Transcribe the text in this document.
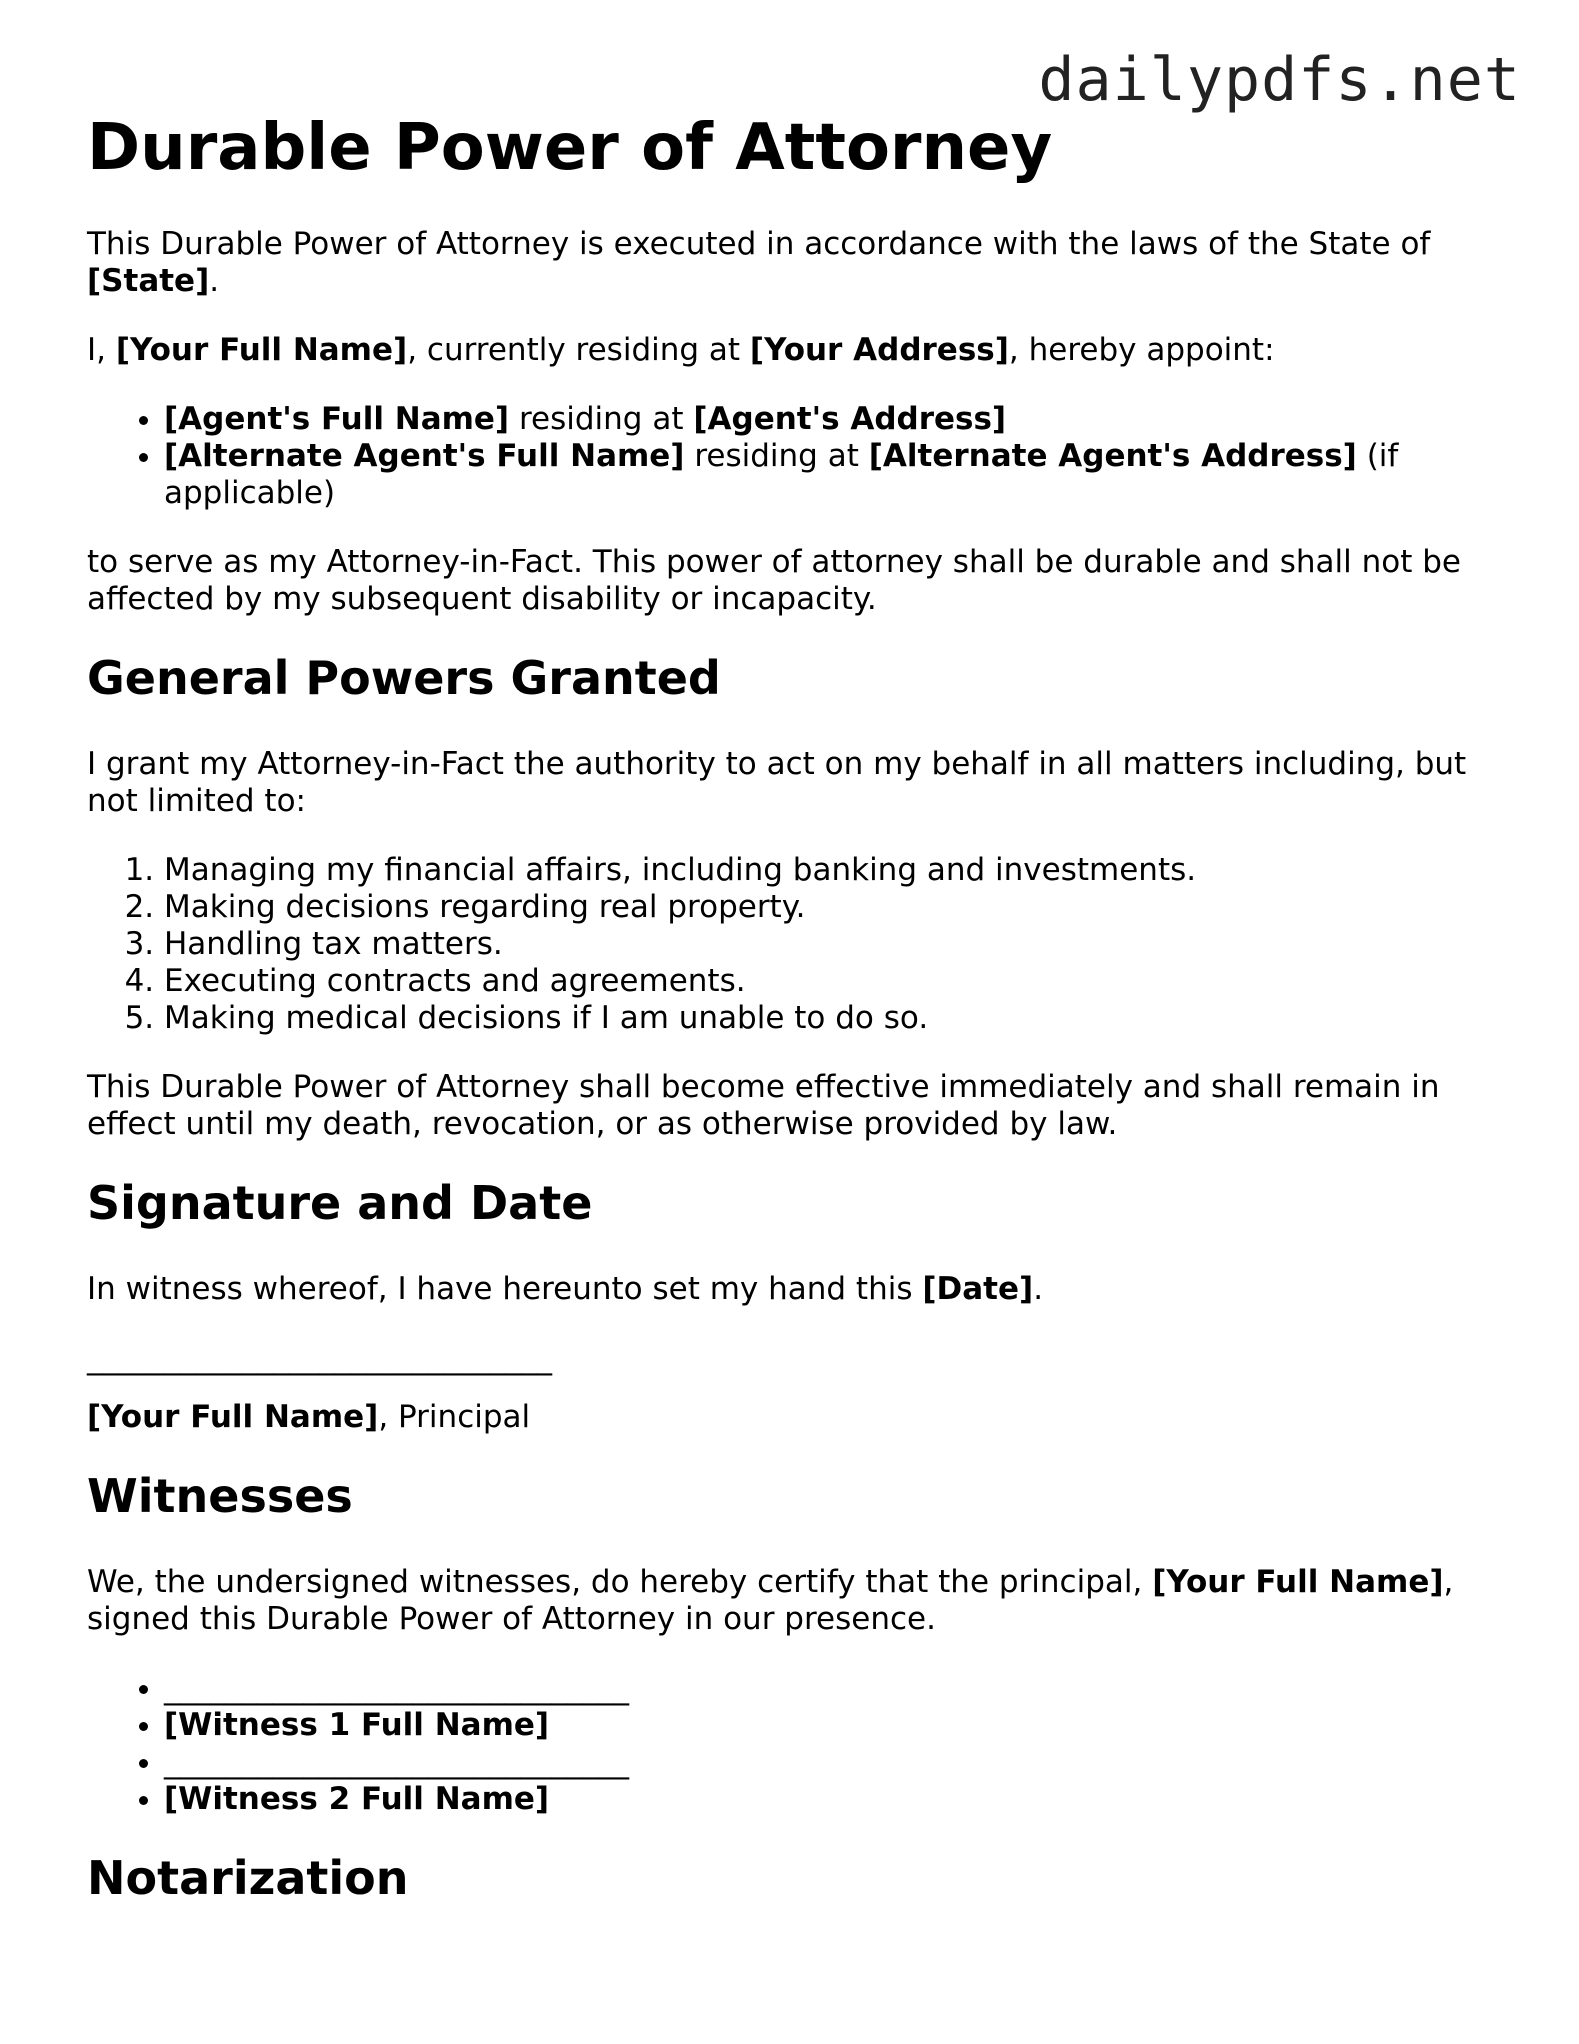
dailypdfs.net
Durable Power of Attorney

This Durable Power of Attorney is executed in accordance with the laws of the State of [State].

I, [Your Full Name], currently residing at [Your Address], hereby appoint:

• [Agent's Full Name] residing at [Agent's Address]
• [Alternate Agent's Full Name] residing at [Alternate Agent's Address] (if applicable)

to serve as my Attorney-in-Fact. This power of attorney shall be durable and shall not be affected by my subsequent disability or incapacity.

General Powers Granted

I grant my Attorney-in-Fact the authority to act on my behalf in all matters including, but not limited to:

1. Managing my financial affairs, including banking and investments.
2. Making decisions regarding real property.
3. Handling tax matters.
4. Executing contracts and agreements.
5. Making medical decisions if I am unable to do so.

This Durable Power of Attorney shall become effective immediately and shall remain in effect until my death, revocation, or as otherwise provided by law.

Signature and Date

In witness whereof, I have hereunto set my hand this [Date].

______________________________

[Your Full Name], Principal

Witnesses

We, the undersigned witnesses, do hereby certify that the principal, [Your Full Name], signed this Durable Power of Attorney in our presence.

• ______________________________
• [Witness 1 Full Name]
• ______________________________
• [Witness 2 Full Name]
Notarization
